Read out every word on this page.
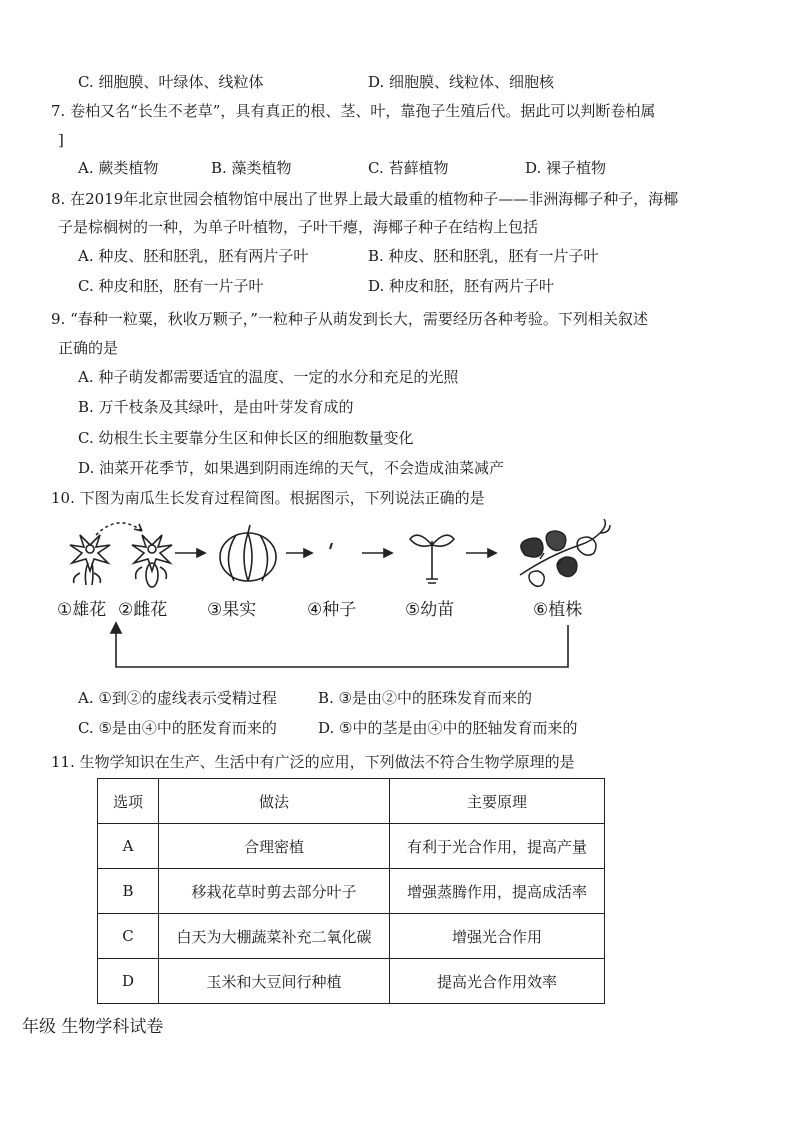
C. 细胞膜、叶绿体、线粒体	D. 细胞膜、线粒体、细胞核
7. 卷柏又名“长生不老草”，具有真正的根、茎、叶，靠孢子生殖后代。据此可以判断卷柏属
]
A. 蕨类植物	B. 藻类植物	C. 苔藓植物	D. 裸子植物
8. 在2019年北京世园会植物馆中展出了世界上最大最重的植物种子——非洲海椰子种子，海椰
子是棕榈树的一种，为单子叶植物，子叶干瘪，海椰子种子在结构上包括
A. 种皮、胚和胚乳，胚有两片子叶	B. 种皮、胚和胚乳，胚有一片子叶
C. 种皮和胚，胚有一片子叶	D. 种皮和胚，胚有两片子叶
9. “春种一粒粟，秋收万颗子，”一粒种子从萌发到长大，需要经历各种考验。下列相关叙述
正确的是
A. 种子萌发都需要适宜的温度、一定的水分和充足的光照
B. 万千枝条及其绿叶，是由叶芽发育成的
C. 幼根生长主要靠分生区和伸长区的细胞数量变化
D. 油菜开花季节，如果遇到阴雨连绵的天气，不会造成油菜减产
10. 下图为南瓜生长发育过程简图。根据图示，下列说法正确的是
①雄花 ②雌花 ③果实	④种子	⑤幼苗	⑥植株
A. ①到②的虚线表示受精过程	B. ③是由②中的胚珠发育而来的
C. ⑤是由④中的胚发育而来的	D. ⑤中的茎是由④中的胚轴发育而来的
11. 生物学知识在生产、生活中有广泛的应用，下列做法不符合生物学原理的是
选项	做法	主要原理
A	合理密植	有利于光合作用，提高产量
B	移栽花草时剪去部分叶子	增强蒸腾作用，提高成活率
C	白天为大棚蔬菜补充二氧化碳	增强光合作用
D	玉米和大豆间行种植	提高光合作用效率
年级 生物学科试卷
